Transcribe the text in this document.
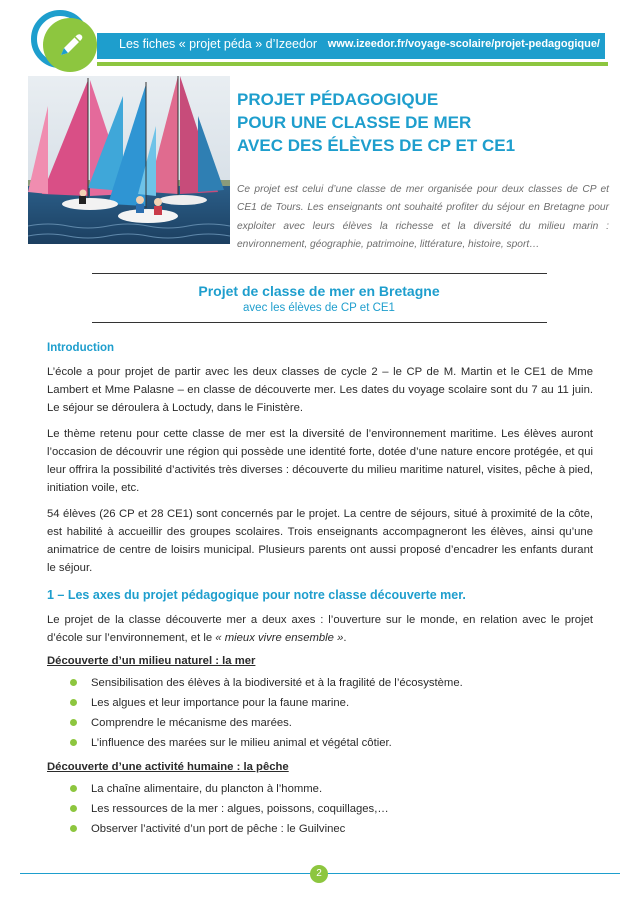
Les fiches « projet péda » d’Izeedor www.izeedor.fr/voyage-scolaire/projet-pedagogique/
PROJET PÉDAGOGIQUE
POUR UNE CLASSE DE MER
AVEC DES ÉLÈVES DE CP ET CE1
Ce projet est celui d’une classe de mer organisée pour deux classes de CP et CE1 de Tours. Les enseignants ont souhaité profiter du séjour en Bretagne pour exploiter avec leurs élèves la richesse et la diversité du milieu marin : environnement, géographie, patrimoine, littérature, histoire, sport…
Projet de classe de mer en Bretagne
avec les élèves de CP et CE1
Introduction

L’école a pour projet de partir avec les deux classes de cycle 2 – le CP de M. Martin et le CE1 de Mme Lambert et Mme Palasne – en classe de découverte mer. Les dates du voyage scolaire sont du 7 au 11 juin. Le séjour se déroulera à Loctudy, dans le Finistère.

Le thème retenu pour cette classe de mer est la diversité de l’environnement maritime. Les élèves auront l’occasion de découvrir une région qui possède une identité forte, dotée d’une nature encore protégée, et qui leur offrira la possibilité d’activités très diverses : découverte du milieu maritime naturel, visites, pêche à pied, initiation voile, etc.

54 élèves (26 CP et 28 CE1) sont concernés par le projet. La centre de séjours, situé à proximité de la côte, est habilité à accueillir des groupes scolaires. Trois enseignants accompagneront les élèves, ainsi qu’une animatrice de centre de loisirs municipal. Plusieurs parents ont aussi proposé d’encadrer les enfants durant le séjour.

1 – Les axes du projet pédagogique pour notre classe découverte mer.

Le projet de la classe découverte mer a deux axes : l’ouverture sur le monde, en relation avec le projet d’école sur l’environnement, et le « mieux vivre ensemble ».

Découverte d’un milieu naturel : la mer
Sensibilisation des élèves à la biodiversité et à la fragilité de l’écosystème.
Les algues et leur importance pour la faune marine.
Comprendre le mécanisme des marées.
L’influence des marées sur le milieu animal et végétal côtier.
Découverte d’une activité humaine : la pêche
La chaîne alimentaire, du plancton à l’homme.
Les ressources de la mer : algues, poissons, coquillages,…
Observer l’activité d’un port de pêche : le Guilvinec
2
